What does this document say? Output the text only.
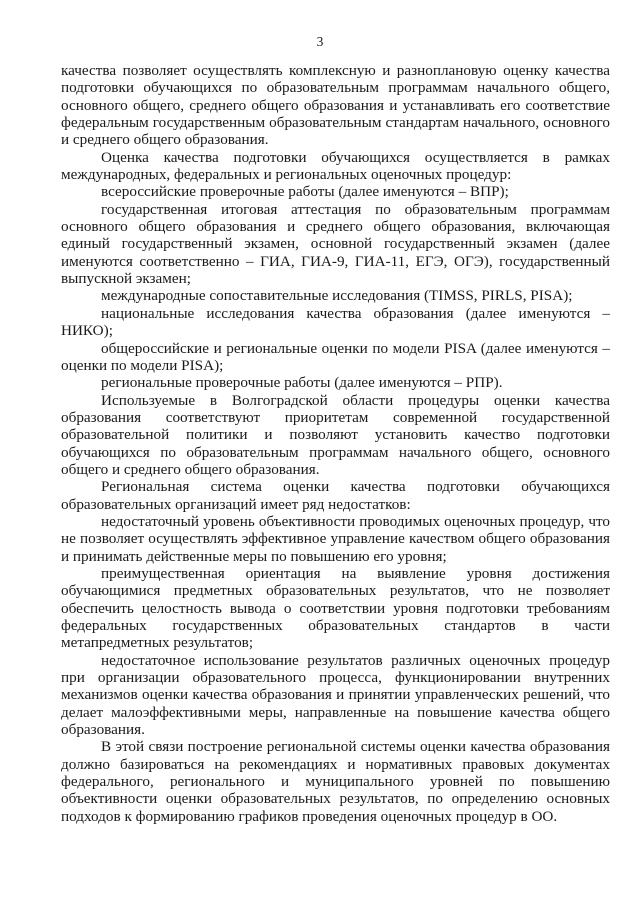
3

качества позволяет осуществлять комплексную и разноплановую оценку качества подготовки обучающихся по образовательным программам начального общего, основного общего, среднего общего образования и устанавливать его соответствие федеральным государственным образовательным стандартам начального, основного и среднего общего образования.

Оценка качества подготовки обучающихся осуществляется в рамках международных, федеральных и региональных оценочных процедур:

всероссийские проверочные работы (далее именуются – ВПР);

государственная итоговая аттестация по образовательным программам основного общего образования и среднего общего образования, включающая единый государственный экзамен, основной государственный экзамен (далее именуются соответственно – ГИА, ГИА-9, ГИА-11, ЕГЭ, ОГЭ), государственный выпускной экзамен;

международные сопоставительные исследования (TIMSS, PIRLS, PISA);

национальные исследования качества образования (далее именуются – НИКО);

общероссийские и региональные оценки по модели PISA (далее именуются – оценки по модели PISA);

региональные проверочные работы (далее именуются – РПР).

Используемые в Волгоградской области процедуры оценки качества образования соответствуют приоритетам современной государственной образовательной политики и позволяют установить качество подготовки обучающихся по образовательным программам начального общего, основного общего и среднего общего образования.

Региональная система оценки качества подготовки обучающихся образовательных организаций имеет ряд недостатков:

недостаточный уровень объективности проводимых оценочных процедур, что не позволяет осуществлять эффективное управление качеством общего образования и принимать действенные меры по повышению его уровня;

преимущественная ориентация на выявление уровня достижения обучающимися предметных образовательных результатов, что не позволяет обеспечить целостность вывода о соответствии уровня подготовки требованиям федеральных государственных образовательных стандартов в части метапредметных результатов;

недостаточное использование результатов различных оценочных процедур при организации образовательного процесса, функционировании внутренних механизмов оценки качества образования и принятии управленческих решений, что делает малоэффективными меры, направленные на повышение качества общего образования.

В этой связи построение региональной системы оценки качества образования должно базироваться на рекомендациях и нормативных правовых документах федерального, регионального и муниципального уровней по повышению объективности оценки образовательных результатов, по определению основных подходов к формированию графиков проведения оценочных процедур в ОО.
